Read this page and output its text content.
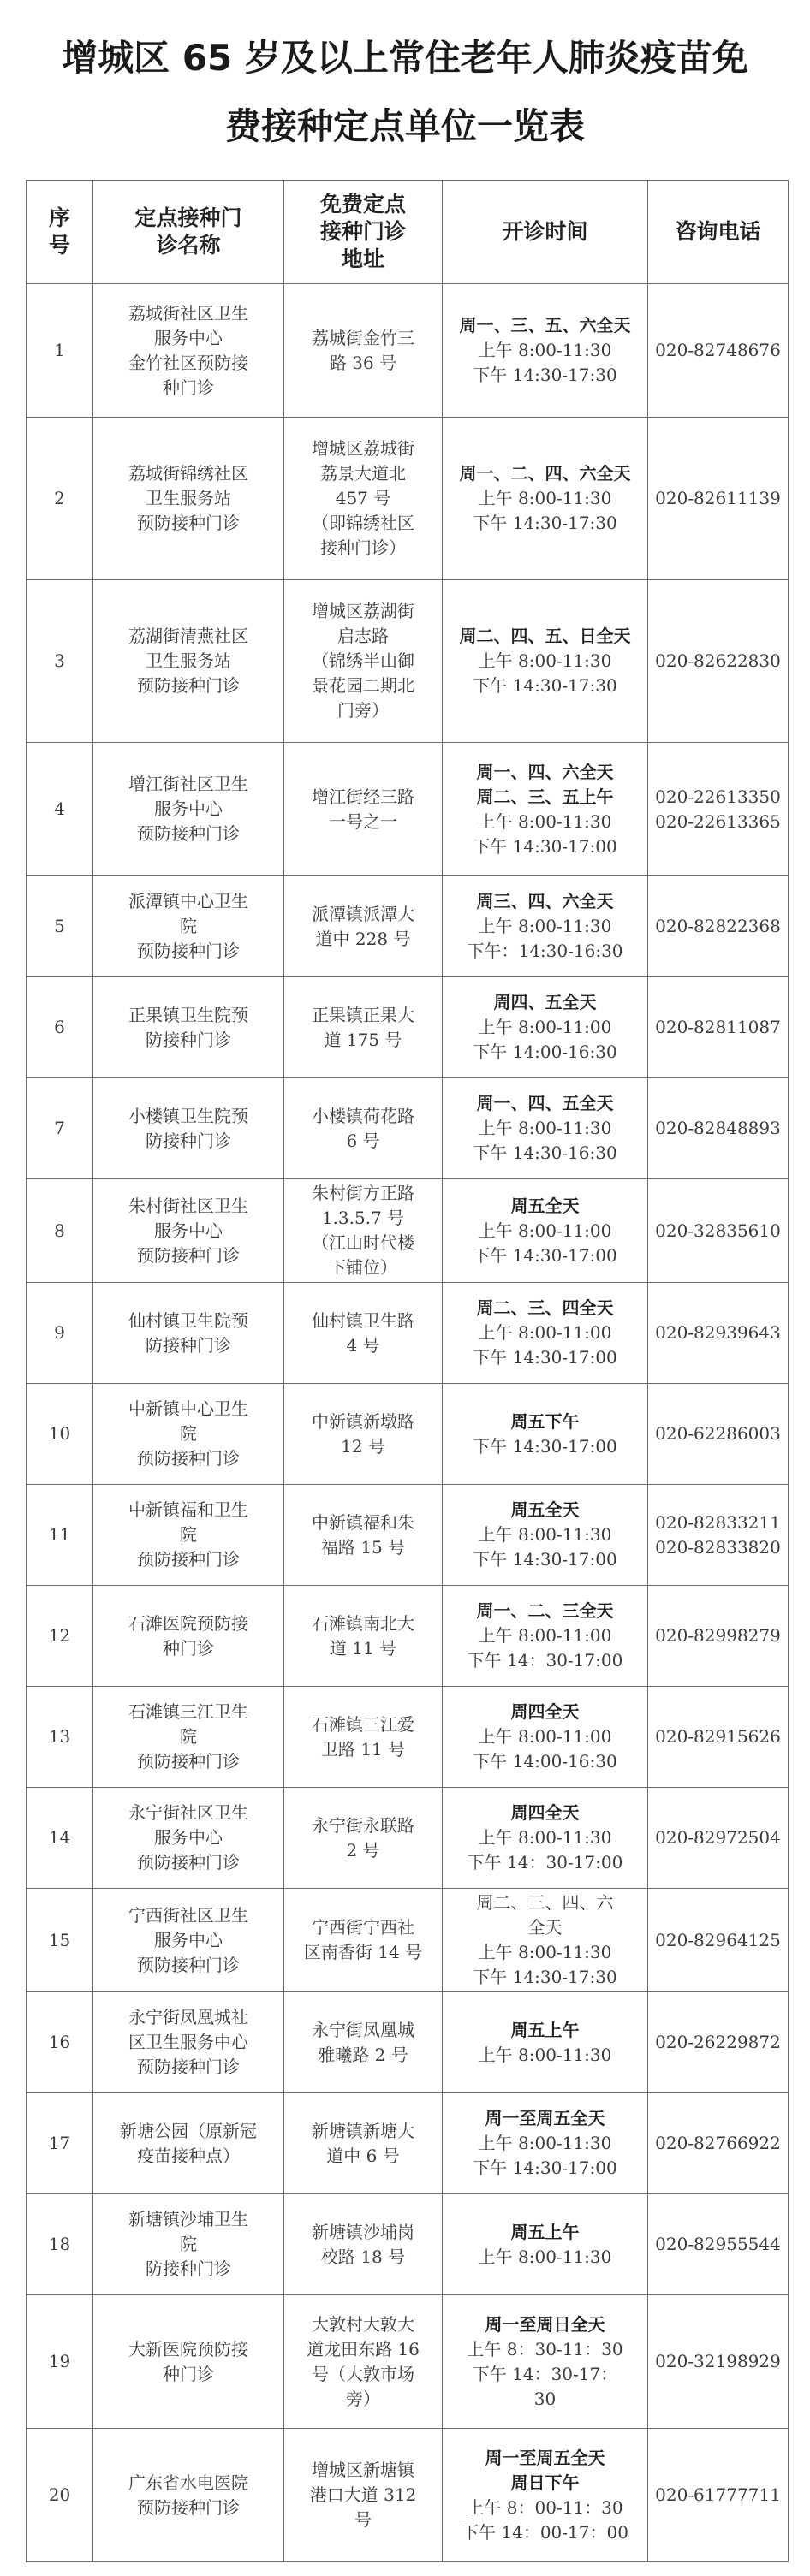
增城区 65 岁及以上常住老年人肺炎疫苗免
费接种定点单位一览表
序
号	定点接种门
诊名称	免费定点
接种门诊
地址	开诊时间	咨询电话

1	荔城街社区卫生
服务中心
金竹社区预防接
种门诊	荔城街金竹三
路 36 号	周一、三、五、六全天
上午 8:00-11:30
下午 14:30-17:30	020-82748676

2	荔城街锦绣社区
卫生服务站
预防接种门诊	增城区荔城街
荔景大道北
457 号
（即锦绣社区
接种门诊）	周一、二、四、六全天
上午 8:00-11:30
下午 14:30-17:30	020-82611139

3	荔湖街清燕社区
卫生服务站
预防接种门诊	增城区荔湖街
启志路
（锦绣半山御
景花园二期北
门旁）	周二、四、五、日全天
上午 8:00-11:30
下午 14:30-17:30	020-82622830

4	增江街社区卫生
服务中心
预防接种门诊	增江街经三路
一号之一	周一、四、六全天
周二、三、五上午
上午 8:00-11:30
下午 14:30-17:00	020-22613350
020-22613365

5	派潭镇中心卫生
院
预防接种门诊	派潭镇派潭大
道中 228 号	周三、四、六全天
上午 8:00-11:30
下午：14:30-16:30	020-82822368

6	正果镇卫生院预
防接种门诊	正果镇正果大
道 175 号	周四、五全天
上午 8:00-11:00
下午 14:00-16:30	020-82811087

7	小楼镇卫生院预
防接种门诊	小楼镇荷花路
6 号	周一、四、五全天
上午 8:00-11:30
下午 14:30-16:30	020-82848893

8	朱村街社区卫生
服务中心
预防接种门诊	朱村街方正路
1.3.5.7 号
（江山时代楼
下铺位）	周五全天
上午 8:00-11:00
下午 14:30-17:00	020-32835610

9	仙村镇卫生院预
防接种门诊	仙村镇卫生路
4 号	周二、三、四全天
上午 8:00-11:00
下午 14:30-17:00	020-82939643

10	中新镇中心卫生
院
预防接种门诊	中新镇新墩路
12 号	周五下午
下午 14:30-17:00	020-62286003

11	中新镇福和卫生
院
预防接种门诊	中新镇福和朱
福路 15 号	周五全天
上午 8:00-11:30
下午 14:30-17:00	020-82833211
020-82833820

12	石滩医院预防接
种门诊	石滩镇南北大
道 11 号	周一、二、三全天
上午 8:00-11:00
下午 14：30-17:00	020-82998279

13	石滩镇三江卫生
院
预防接种门诊	石滩镇三江爱
卫路 11 号	周四全天
上午 8:00-11:00
下午 14:00-16:30	020-82915626

14	永宁街社区卫生
服务中心
预防接种门诊	永宁街永联路
2 号	周四全天
上午 8:00-11:30
下午 14：30-17:00	020-82972504

15	宁西街社区卫生
服务中心
预防接种门诊	宁西街宁西社
区南香街 14 号	周二、三、四、六
全天
上午 8:00-11:30
下午 14:30-17:30	020-82964125

16	永宁街凤凰城社
区卫生服务中心
预防接种门诊	永宁街凤凰城
雅曦路 2 号	周五上午
上午 8:00-11:30	020-26229872

17	新塘公园（原新冠
疫苗接种点）	新塘镇新塘大
道中 6 号	周一至周五全天
上午 8:00-11:30
下午 14:30-17:00	020-82766922

18	新塘镇沙埔卫生
院
防接种门诊	新塘镇沙埔岗
校路 18 号	周五上午
上午 8:00-11:30	020-82955544

19	大新医院预防接
种门诊	大敦村大敦大
道龙田东路 16
号（大敦市场
旁）	周一至周日全天
上午 8：30-11：30
下午 14：30-17：
30	020-32198929

20	广东省水电医院
预防接种门诊	增城区新塘镇
港口大道 312
号	周一至周五全天
周日下午
上午 8：00-11：30
下午 14：00-17：00	020-61777711
